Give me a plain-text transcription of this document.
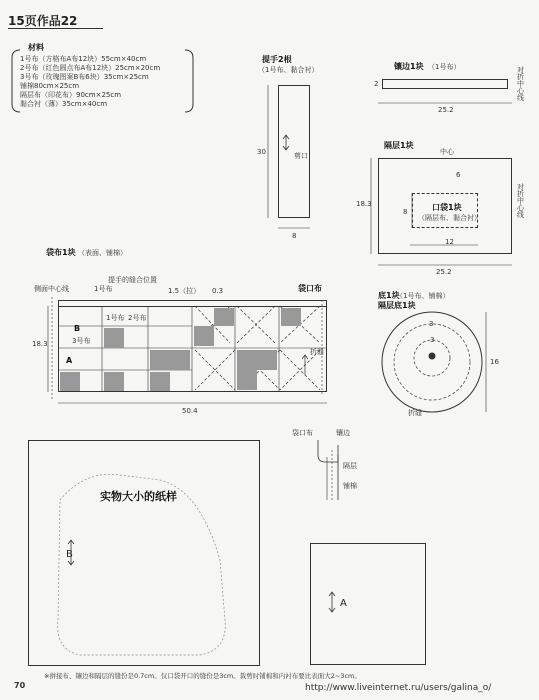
15页作品22
材料
1号布（方格布A布12块）55cm×40cm
2号布（红色圆点布A布12块）25cm×20cm
3号布（玫瑰图案B布6块）35cm×25cm
铺棉80cm×25cm
隔层布（印花布）90cm×25cm
黏合衬（薄）35cm×40cm
提手2根
（1号布、黏合衬）
30
8
剪口
镶边1块 （1号布）
2
25.2
对
折
中
心
线
隔层1块
中心
口袋1块
（隔层布、黏合衬）
6
8
12
18.3
25.2
对
折
中
心
线
袋布1块 （表面、铺棉）
提手的缝合位置
侧面中心线	1号布	1.5（拉） 0.3	袋口布
B
3号布
1号布 2号布
A
18.3
50.4
折缝
底1块
（1号布、铺棉）
隔层底1块
3
3
16
折缝
袋口布	镶边
隔层
铺棉
实物大小的纸样
B
A
※拼接布、镶边和隔层的缝份是0.7cm。仅口袋开口的缝份是3cm。裁剪时铺棉和内衬布要比表面大2~3cm。
70	http://www.liveinternet.ru/users/galina_o/
